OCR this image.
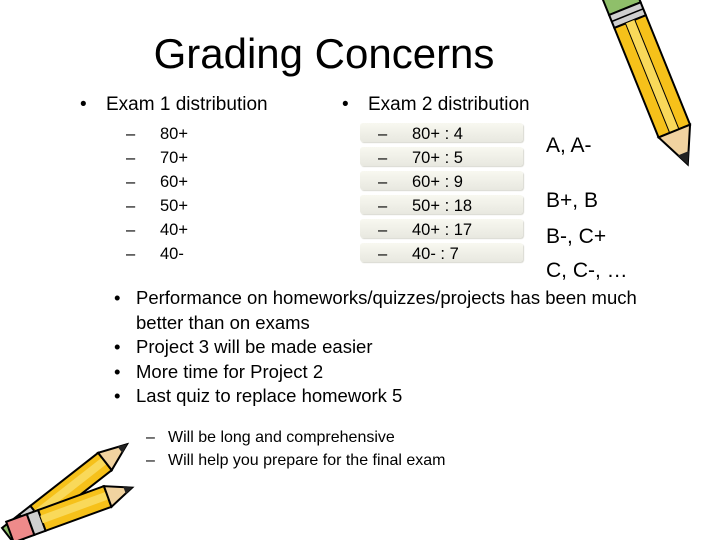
Grading Concerns
• Exam 1 distribution
– 80+
– 70+
– 60+
– 50+
– 40+
– 40-
• Exam 2 distribution
– 80+ : 4
– 70+ : 5
– 60+ : 9
– 50+ : 18
– 40+ : 17
– 40- : 7
A, A-
B+, B
B-, C+
C, C-, …
• Performance on homeworks/quizzes/projects has been much better than on exams
• Project 3 will be made easier
• More time for Project 2
• Last quiz to replace homework 5
– Will be long and comprehensive
– Will help you prepare for the final exam
